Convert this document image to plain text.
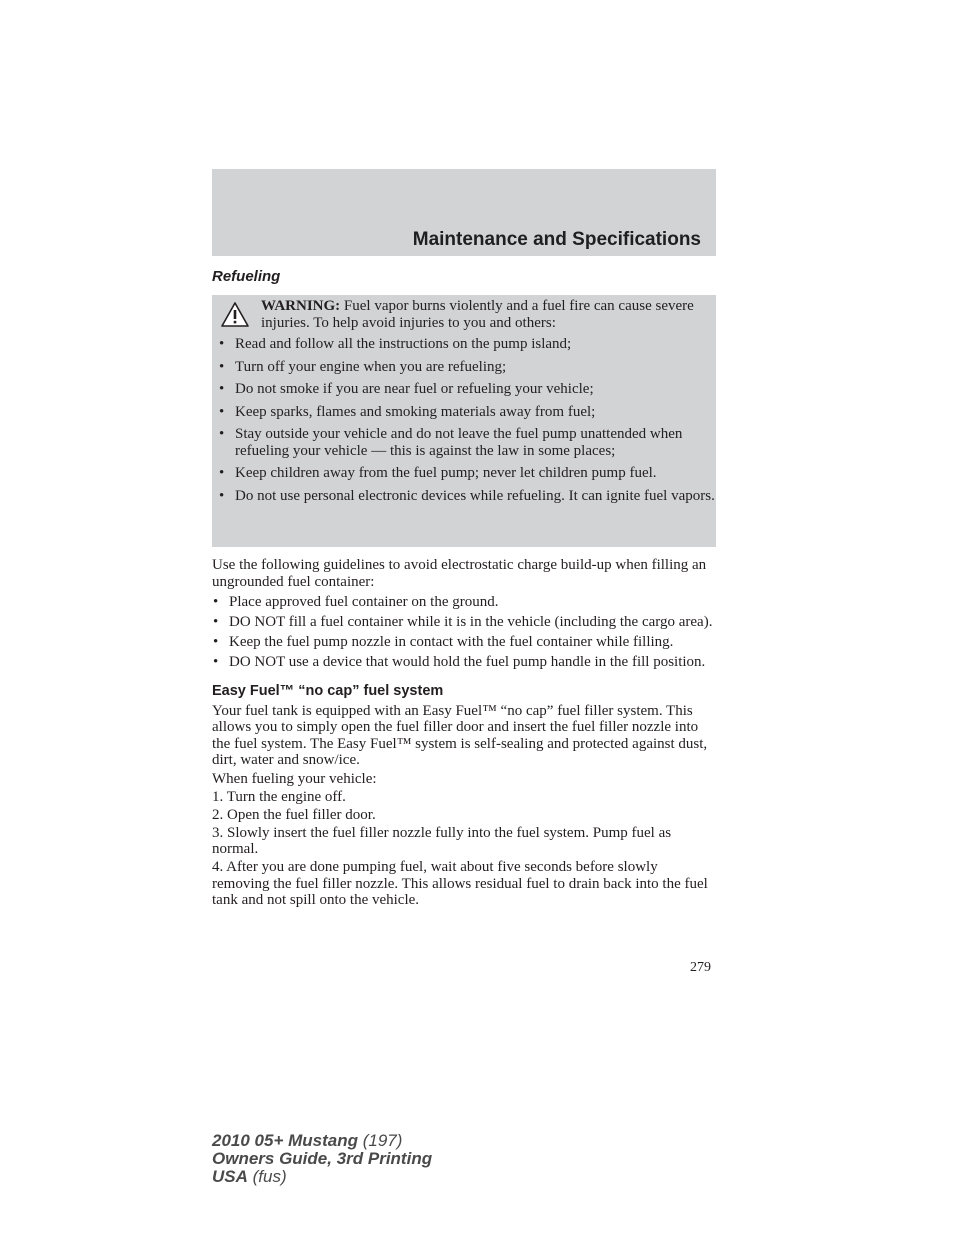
Maintenance and Specifications
Refueling
WARNING: Fuel vapor burns violently and a fuel fire can cause severe injuries. To help avoid injuries to you and others:
• Read and follow all the instructions on the pump island;
• Turn off your engine when you are refueling;
• Do not smoke if you are near fuel or refueling your vehicle;
• Keep sparks, flames and smoking materials away from fuel;
• Stay outside your vehicle and do not leave the fuel pump unattended when refueling your vehicle — this is against the law in some places;
• Keep children away from the fuel pump; never let children pump fuel.
• Do not use personal electronic devices while refueling. It can ignite fuel vapors.

Use the following guidelines to avoid electrostatic charge build-up when filling an ungrounded fuel container:

• Place approved fuel container on the ground.
• DO NOT fill a fuel container while it is in the vehicle (including the cargo area).
• Keep the fuel pump nozzle in contact with the fuel container while filling.
• DO NOT use a device that would hold the fuel pump handle in the fill position.

Easy Fuel™ “no cap” fuel system

Your fuel tank is equipped with an Easy Fuel™ “no cap” fuel filler system. This allows you to simply open the fuel filler door and insert the fuel filler nozzle into the fuel system. The Easy Fuel™ system is self-sealing and protected against dust, dirt, water and snow/ice.

When fueling your vehicle:

1. Turn the engine off.

2. Open the fuel filler door.

3. Slowly insert the fuel filler nozzle fully into the fuel system. Pump fuel as normal.

4. After you are done pumping fuel, wait about five seconds before slowly removing the fuel filler nozzle. This allows residual fuel to drain back into the fuel tank and not spill onto the vehicle.

279
2010 05+ Mustang (197)
Owners Guide, 3rd Printing
USA (fus)
